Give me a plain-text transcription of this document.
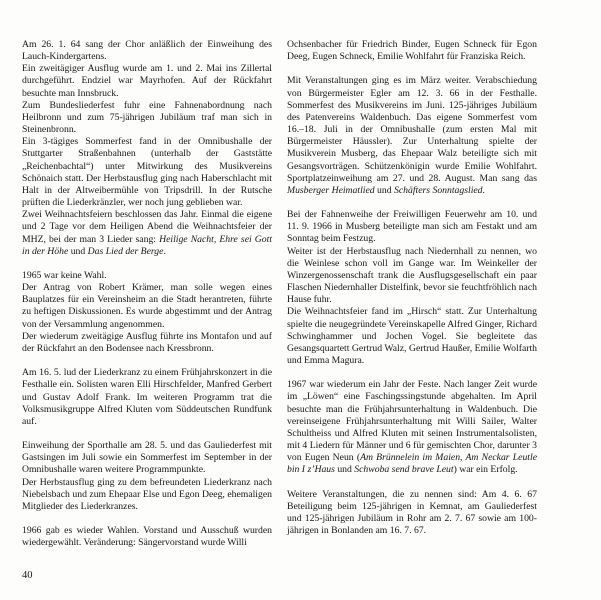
Am 26. 1. 64 sang der Chor anläßlich der Einweihung des Lauch-Kindergartens.

Ein zweitägiger Ausflug wurde am 1. und 2. Mai ins Zillertal durchgeführt. Endziel war Mayrhofen. Auf der Rückfahrt besuchte man Innsbruck.

Zum Bundesliederfest fuhr eine Fahnenabordnung nach Heilbronn und zum 75-jährigen Jubiläum traf man sich in Steinenbronn.

Ein 3-tägiges Sommerfest fand in der Omnibushalle der Stuttgarter Straßenbahnen (unterhalb der Gaststätte „Reichenbachtal“) unter Mitwirkung des Musikvereins Schönaich statt. Der Herbstausflug ging nach Haberschlacht mit Halt in der Altweibermühle von Tripsdrill. In der Rutsche prüften die Liederkränzler, wer noch jung geblieben war.

Zwei Weihnachtsfeiern beschlossen das Jahr. Einmal die eigene und 2 Tage vor dem Heiligen Abend die Weihnachtsfeier der MHZ, bei der man 3 Lieder sang: Heilige Nacht, Ehre sei Gott in der Höhe und Das Lied der Berge.

1965 war keine Wahl.

Der Antrag von Robert Krämer, man solle wegen eines Bauplatzes für ein Vereinsheim an die Stadt herantreten, führte zu heftigen Diskussionen. Es wurde abgestimmt und der Antrag von der Versammlung angenommen.

Der wiederum zweitägige Ausflug führte ins Montafon und auf der Rückfahrt an den Bodensee nach Kressbronn.

Am 16. 5. lud der Liederkranz zu einem Frühjahrskonzert in die Festhalle ein. Solisten waren Elli Hirschfelder, Manfred Gerbert und Gustav Adolf Frank. Im weiteren Programm trat die Volksmusikgruppe Alfred Kluten vom Süddeutschen Rundfunk auf.

Einweihung der Sporthalle am 28. 5. und das Gauliederfest mit Gastsingen im Juli sowie ein Sommerfest im September in der Omnibushalle waren weitere Programmpunkte.

Der Herbstausflug ging zu dem befreundeten Liederkranz nach Niebelsbach und zum Ehepaar Else und Egon Deeg, ehemaligen Mitglieder des Liederkranzes.

1966 gab es wieder Wahlen. Vorstand und Ausschuß wurden wiedergewählt. Veränderung: Sängervorstand wurde Willi

Ochsenbacher für Friedrich Binder, Eugen Schneck für Egon Deeg, Eugen Schneck, Emilie Wohlfahrt für Franziska Reich.

Mit Veranstaltungen ging es im März weiter. Verabschiedung von Bürgermeister Egler am 12. 3. 66 in der Festhalle. Sommerfest des Musikvereins im Juni. 125-jähriges Jubiläum des Patenvereins Waldenbuch. Das eigene Sommerfest vom 16.–18. Juli in der Omnibushalle (zum ersten Mal mit Bürgermeister Häussler). Zur Unterhaltung spielte der Musikverein Musberg, das Ehepaar Walz beteiligte sich mit Gesangsvorträgen. Schützenkönigin wurde Emilie Wohlfahrt. Sportplatzeinweihung am 27. und 28. August. Man sang das Musberger Heimatlied und Schäfters Sonntagslied.

Bei der Fahnenweihe der Freiwilligen Feuerwehr am 10. und 11. 9. 1966 in Musberg beteiligte man sich am Festakt und am Sonntag beim Festzug.

Weiter ist der Herbstausflug nach Niedernhall zu nennen, wo die Weinlese schon voll im Gange war. Im Weinkeller der Winzergenossenschaft trank die Ausflugsgesellschaft ein paar Flaschen Niedernhaller Distelfink, bevor sie feuchtfröhlich nach Hause fuhr.

Die Weihnachtsfeier fand im „Hirsch“ statt. Zur Unterhaltung spielte die neugegründete Vereinskapelle Alfred Ginger, Richard Schwinghammer und Jochen Vogel. Sie begleitete das Gesangsquartett Gertrud Walz, Gertrud Haußer, Emilie Wolfarth und Emma Magura.

1967 war wiederum ein Jahr der Feste. Nach langer Zeit wurde im „Löwen“ eine Faschingssingstunde abgehalten. Im April besuchte man die Frühjahrsunterhaltung in Waldenbuch. Die vereinseigene Frühjahrsunterhaltung mit Willi Sailer, Walter Schultheiss und Alfred Kluten mit seinen Instrumentalsolisten, mit 4 Liedern für Männer und 6 für gemischten Chor, darunter 3 von Eugen Neun (Am Brünnelein im Maien, Am Neckar Leutle bin I z’Haus und Schwoba send brave Leut) war ein Erfolg.

Weitere Veranstaltungen, die zu nennen sind: Am 4. 6. 67 Beteiligung beim 125-jährigen in Kemnat, am Gauliederfest und 125-jährigen Jubiläum in Rohr am 2. 7. 67 sowie am 100-jährigen in Bonlanden am 16. 7. 67.

40
